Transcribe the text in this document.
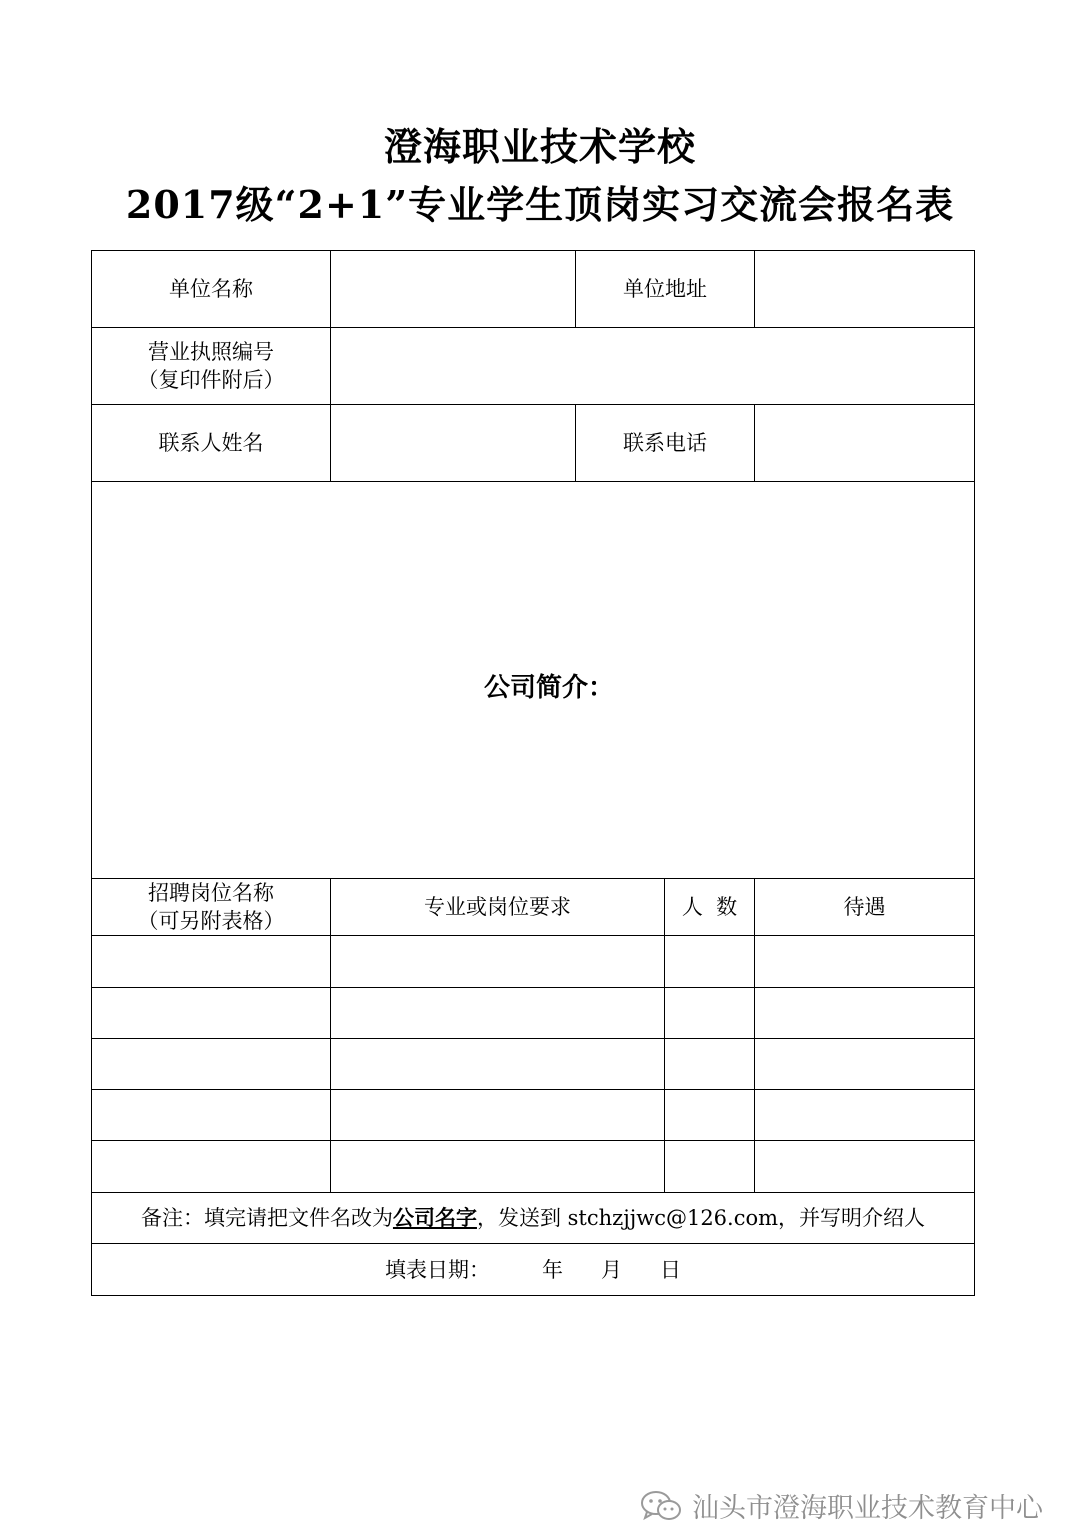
澄海职业技术学校
2017级“2+1”专业学生顶岗实习交流会报名表
单位名称		单位地址		

营业执照编号
（复印件附后）				

联系人姓名		联系电话		

公司简介：				

招聘岗位名称
（可另附表格）	专业或岗位要求		人  数	待遇

备注：填完请把文件名改为公司名字，发送到 stchzjjwc@126.com，并写明介绍人				
填表日期： 年 月 日				
汕头市澄海职业技术教育中心
